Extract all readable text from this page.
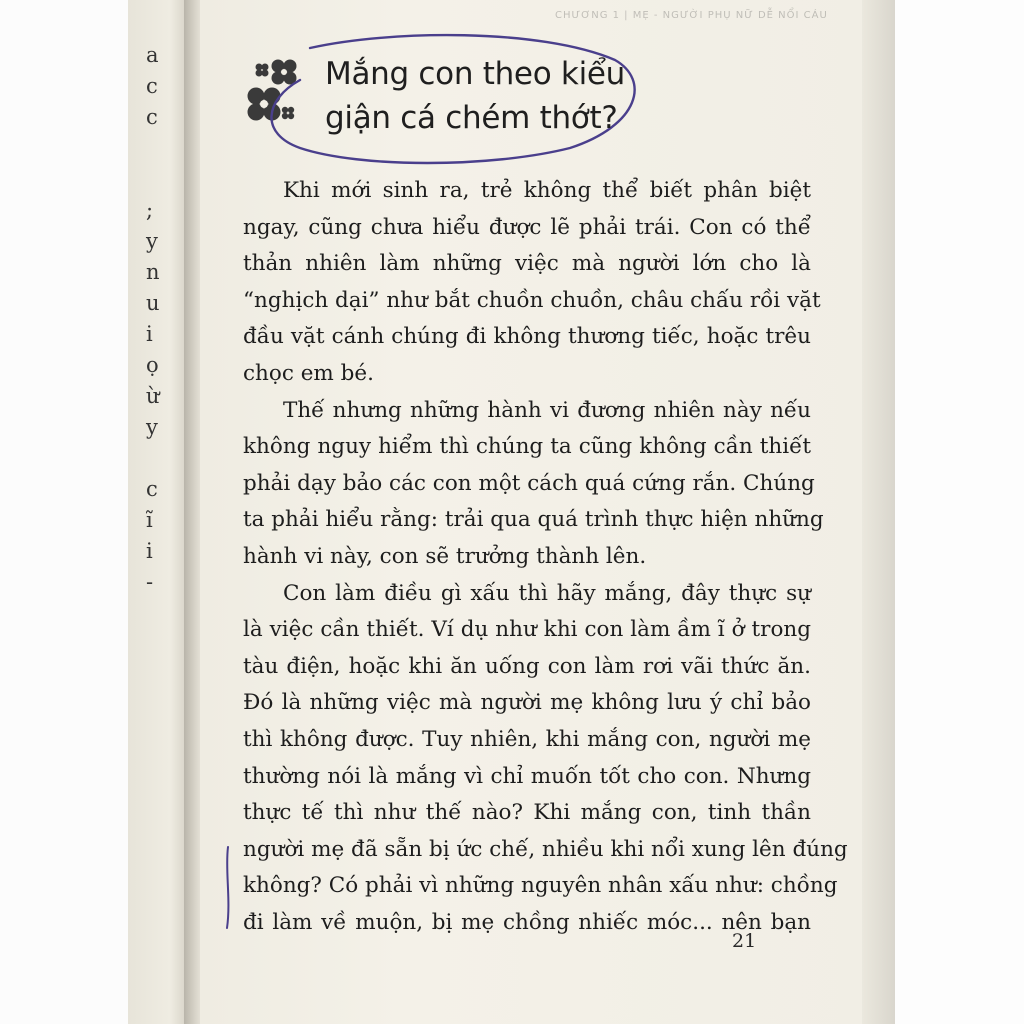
a
c
c
;
y
n
u
i
ọ
ừ
y
c
ĩ
i
-
CHƯƠNG 1 | MẸ - NGƯỜI PHỤ NỮ DỄ NỔI CÁU
Mắng con theo kiểu
giận cá chém thớt?
Khi mới sinh ra, trẻ không thể biết phân biệt
ngay, cũng chưa hiểu được lẽ phải trái. Con có thể
thản nhiên làm những việc mà người lớn cho là
“nghịch dại” như bắt chuồn chuồn, châu chấu rồi vặt
đầu vặt cánh chúng đi không thương tiếc, hoặc trêu
chọc em bé.
Thế nhưng những hành vi đương nhiên này nếu
không nguy hiểm thì chúng ta cũng không cần thiết
phải dạy bảo các con một cách quá cứng rắn. Chúng
ta phải hiểu rằng: trải qua quá trình thực hiện những
hành vi này, con sẽ trưởng thành lên.
Con làm điều gì xấu thì hãy mắng, đây thực sự
là việc cần thiết. Ví dụ như khi con làm ầm ĩ ở trong
tàu điện, hoặc khi ăn uống con làm rơi vãi thức ăn.
Đó là những việc mà người mẹ không lưu ý chỉ bảo
thì không được. Tuy nhiên, khi mắng con, người mẹ
thường nói là mắng vì chỉ muốn tốt cho con. Nhưng
thực tế thì như thế nào? Khi mắng con, tinh thần
người mẹ đã sẵn bị ức chế, nhiều khi nổi xung lên đúng
không? Có phải vì những nguyên nhân xấu như: chồng
đi làm về muộn, bị mẹ chồng nhiếc móc... nên bạn
21
